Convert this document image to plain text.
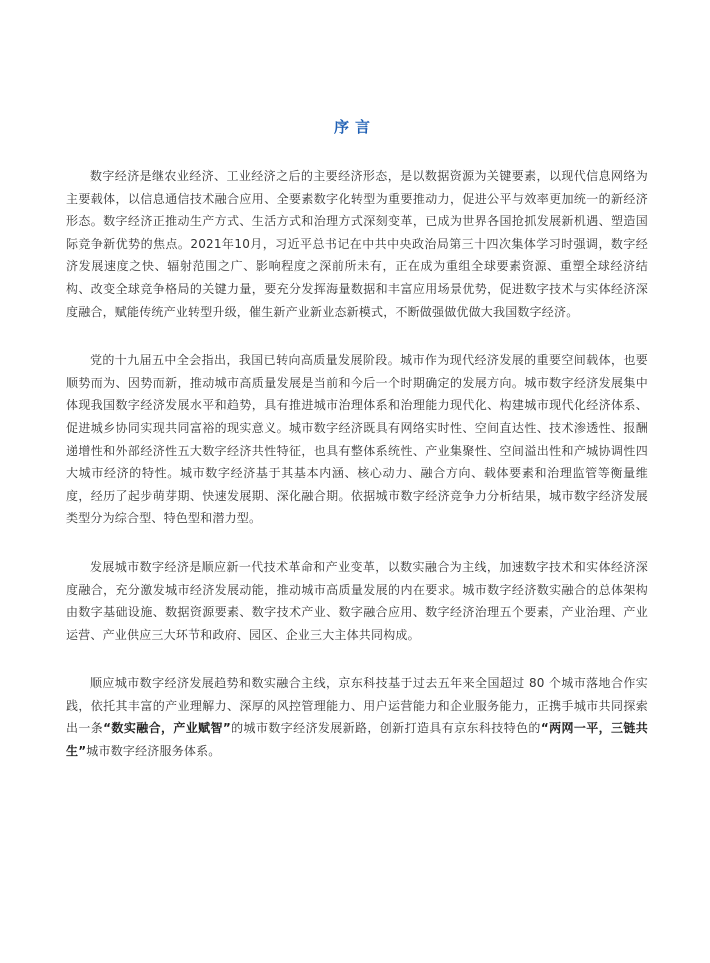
序言

数字经济是继农业经济、工业经济之后的主要经济形态，是以数据资源为关键要素，以现代信息网络为主要载体，以信息通信技术融合应用、全要素数字化转型为重要推动力，促进公平与效率更加统一的新经济形态。数字经济正推动生产方式、生活方式和治理方式深刻变革，已成为世界各国抢抓发展新机遇、塑造国际竞争新优势的焦点。2021年10月，习近平总书记在中共中央政治局第三十四次集体学习时强调，数字经济发展速度之快、辐射范围之广、影响程度之深前所未有，正在成为重组全球要素资源、重塑全球经济结构、改变全球竞争格局的关键力量，要充分发挥海量数据和丰富应用场景优势，促进数字技术与实体经济深度融合，赋能传统产业转型升级，催生新产业新业态新模式，不断做强做优做大我国数字经济。

党的十九届五中全会指出，我国已转向高质量发展阶段。城市作为现代经济发展的重要空间载体，也要顺势而为、因势而新，推动城市高质量发展是当前和今后一个时期确定的发展方向。城市数字经济发展集中体现我国数字经济发展水平和趋势，具有推进城市治理体系和治理能力现代化、构建城市现代化经济体系、促进城乡协同实现共同富裕的现实意义。城市数字经济既具有网络实时性、空间直达性、技术渗透性、报酬递增性和外部经济性五大数字经济共性特征，也具有整体系统性、产业集聚性、空间溢出性和产城协调性四大城市经济的特性。城市数字经济基于其基本内涵、核心动力、融合方向、载体要素和治理监管等衡量维度，经历了起步萌芽期、快速发展期、深化融合期。依据城市数字经济竞争力分析结果，城市数字经济发展类型分为综合型、特色型和潜力型。

发展城市数字经济是顺应新一代技术革命和产业变革，以数实融合为主线，加速数字技术和实体经济深度融合，充分激发城市经济发展动能，推动城市高质量发展的内在要求。城市数字经济数实融合的总体架构由数字基础设施、数据资源要素、数字技术产业、数字融合应用、数字经济治理五个要素，产业治理、产业运营、产业供应三大环节和政府、园区、企业三大主体共同构成。

顺应城市数字经济发展趋势和数实融合主线，京东科技基于过去五年来全国超过 80 个城市落地合作实践，依托其丰富的产业理解力、深厚的风控管理能力、用户运营能力和企业服务能力，正携手城市共同探索出一条“数实融合，产业赋智”的城市数字经济发展新路，创新打造具有京东科技特色的“两网一平，三链共生”城市数字经济服务体系。
